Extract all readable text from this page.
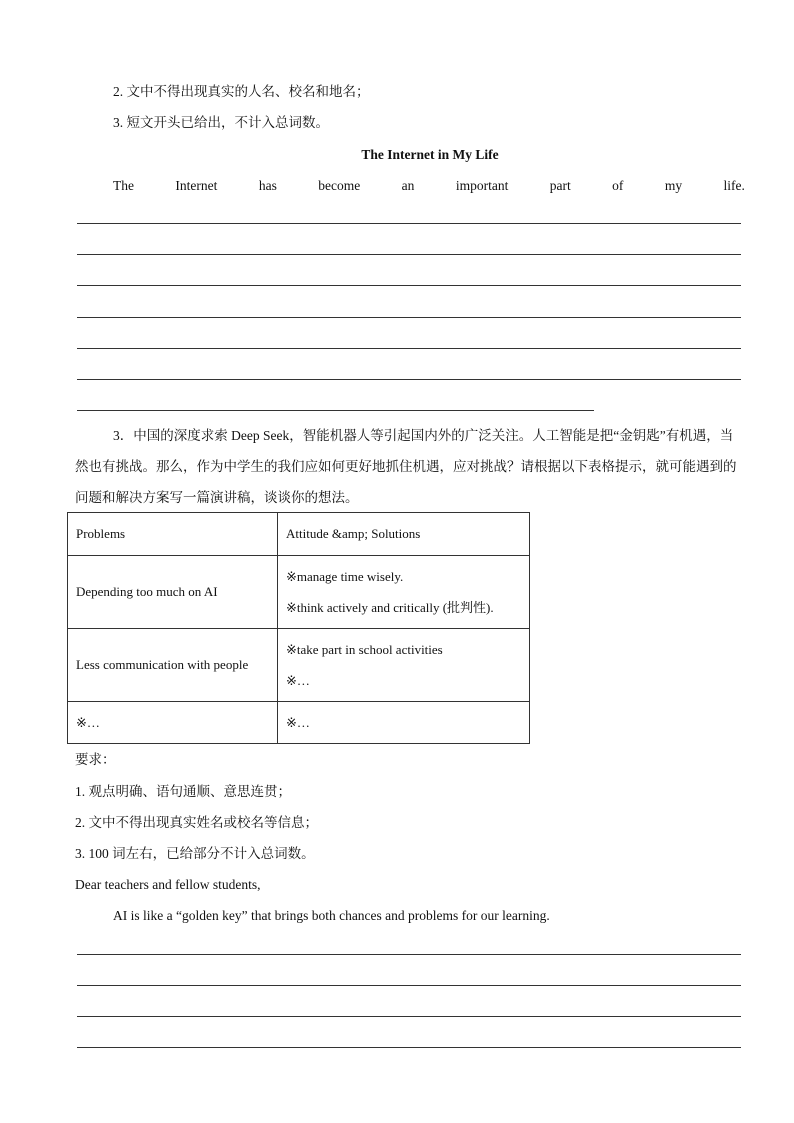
2. 文中不得出现真实的人名、校名和地名；
3. 短文开头已给出，不计入总词数。
The Internet in My Life
The	Internet	has	become	an	important	part	of	my	life.
3．中国的深度求索 Deep Seek，智能机器人等引起国内外的广泛关注。人工智能是把“金钥匙”有机遇，当然也有挑战。那么，作为中学生的我们应如何更好地抓住机遇，应对挑战？请根据以下表格提示，就可能遇到的问题和解决方案写一篇演讲稿，谈谈你的想法。
Problems	Attitude &amp; Solutions
Depending too much on AI	※manage time wisely.

※think actively and critically (批判性).

Less communication with people	※take part in school activities

※…

※…	※…

要求：
1. 观点明确、语句通顺、意思连贯；
2. 文中不得出现真实姓名或校名等信息；
3. 100 词左右，已给部分不计入总词数。
Dear teachers and fellow students,
AI is like a “golden key” that brings both chances and problems for our learning.
